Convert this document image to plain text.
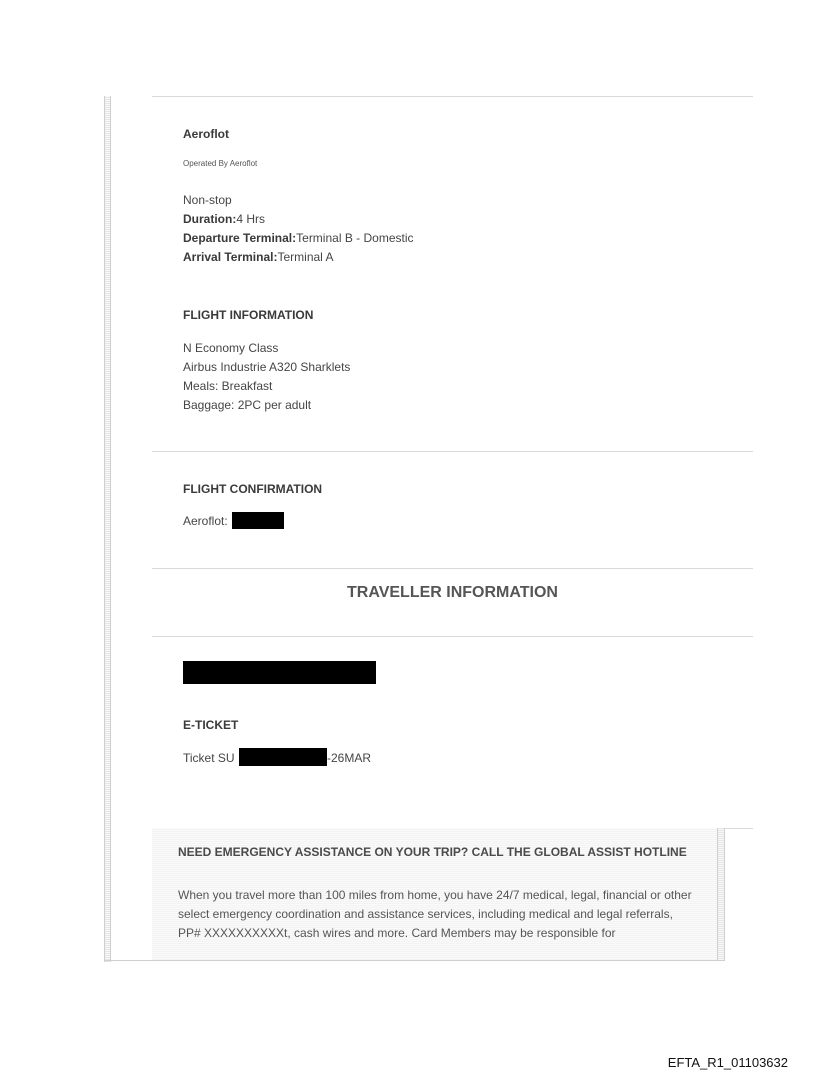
Aeroflot
Operated By Aeroflot
Non-stop
Duration:4 Hrs
Departure Terminal:Terminal B - Domestic
Arrival Terminal:Terminal A
FLIGHT INFORMATION
N Economy Class
Airbus Industrie A320 Sharklets
Meals: Breakfast
Baggage: 2PC per adult
FLIGHT CONFIRMATION
Aeroflot:
TRAVELLER INFORMATION
E-TICKET
Ticket SU	-26MAR
NEED EMERGENCY ASSISTANCE ON YOUR TRIP? CALL THE GLOBAL ASSIST HOTLINE
When you travel more than 100 miles from home, you have 24/7 medical, legal, financial or other select emergency coordination and assistance services, including medical and legal referrals, PP# XXXXXXXXXXt, cash wires and more. Card Members may be responsible for
EFTA_R1_01103632
